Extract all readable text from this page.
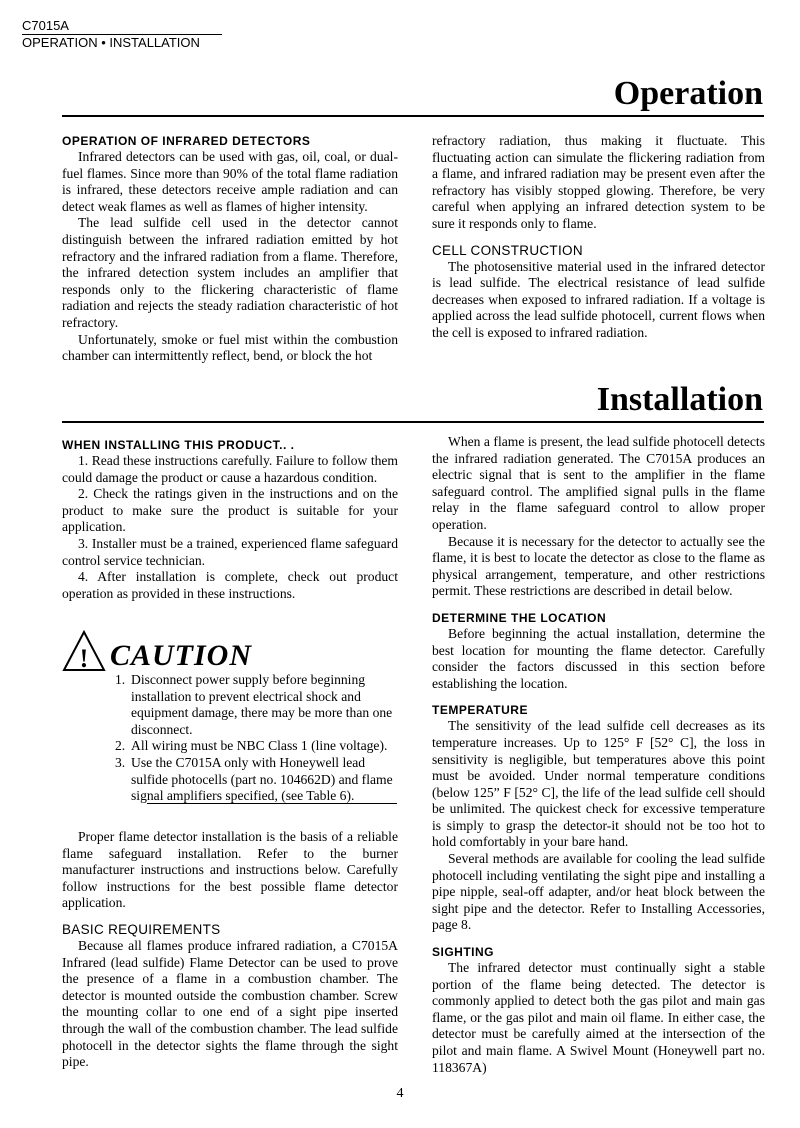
C7015A
OPERATION • INSTALLATION
Operation
OPERATION OF INFRARED DETECTORS

Infrared detectors can be used with gas, oil, coal, or dual-fuel flames. Since more than 90% of the total flame radiation is infrared, these detectors receive ample radiation and can detect weak flames as well as flames of higher intensity.

The lead sulfide cell used in the detector cannot distinguish between the infrared radiation emitted by hot refractory and the infrared radiation from a flame. Therefore, the infrared detection system includes an amplifier that responds only to the flickering characteristic of flame radiation and rejects the steady radiation characteristic of hot refractory.

Unfortunately, smoke or fuel mist within the combustion chamber can intermittently reflect, bend, or block the hot

refractory radiation, thus making it fluctuate. This fluctuating action can simulate the flickering radiation from a flame, and infrared radiation may be present even after the refractory has visibly stopped glowing. Therefore, be very careful when applying an infrared detection system to be sure it responds only to flame.

CELL CONSTRUCTION

The photosensitive material used in the infrared detector is lead sulfide. The electrical resistance of lead sulfide decreases when exposed to infrared radiation. If a voltage is applied across the lead sulfide photocell, current flows when the cell is exposed to infrared radiation.

Installation
WHEN INSTALLING THIS PRODUCT.. .

1. Read these instructions carefully. Failure to follow them could damage the product or cause a hazardous condition.

2. Check the ratings given in the instructions and on the product to make sure the product is suitable for your application.

3. Installer must be a trained, experienced flame safeguard control service technician.

4. After installation is complete, check out product operation as provided in these instructions.

! CAUTION
1. Disconnect power supply before beginning installation to prevent electrical shock and equipment damage, there may be more than one disconnect.
2. All wiring must be NBC Class 1 (line voltage).
3. Use the C7015A only with Honeywell lead sulfide photocells (part no. 104662D) and flame signal amplifiers specified, (see Table 6).

Proper flame detector installation is the basis of a reliable flame safeguard installation. Refer to the burner manufacturer instructions and instructions below. Carefully follow instructions for the best possible flame detector application.

BASIC REQUIREMENTS

Because all flames produce infrared radiation, a C7015A Infrared (lead sulfide) Flame Detector can be used to prove the presence of a flame in a combustion chamber. The detector is mounted outside the combustion chamber. Screw the mounting collar to one end of a sight pipe inserted through the wall of the combustion chamber. The lead sulfide photocell in the detector sights the flame through the sight pipe.

When a flame is present, the lead sulfide photocell detects the infrared radiation generated. The C7015A produces an electric signal that is sent to the amplifier in the flame safeguard control. The amplified signal pulls in the flame relay in the flame safeguard control to allow proper operation.

Because it is necessary for the detector to actually see the flame, it is best to locate the detector as close to the flame as physical arrangement, temperature, and other restrictions permit. These restrictions are described in detail below.

DETERMINE THE LOCATION

Before beginning the actual installation, determine the best location for mounting the flame detector. Carefully consider the factors discussed in this section before establishing the location.

TEMPERATURE

The sensitivity of the lead sulfide cell decreases as its temperature increases. Up to 125° F [52° C], the loss in sensitivity is negligible, but temperatures above this point must be avoided. Under normal temperature conditions (below 125” F [52° C], the life of the lead sulfide cell should be unlimited. The quickest check for excessive temperature is simply to grasp the detector-it should not be too hot to hold comfortably in your bare hand.

Several methods are available for cooling the lead sulfide photocell including ventilating the sight pipe and installing a pipe nipple, seal-off adapter, and/or heat block between the sight pipe and the detector. Refer to Installing Accessories, page 8.

SIGHTING

The infrared detector must continually sight a stable portion of the flame being detected. The detector is commonly applied to detect both the gas pilot and main gas flame, or the gas pilot and main oil flame. In either case, the detector must be carefully aimed at the intersection of the pilot and main flame. A Swivel Mount (Honeywell part no. 118367A)

4
